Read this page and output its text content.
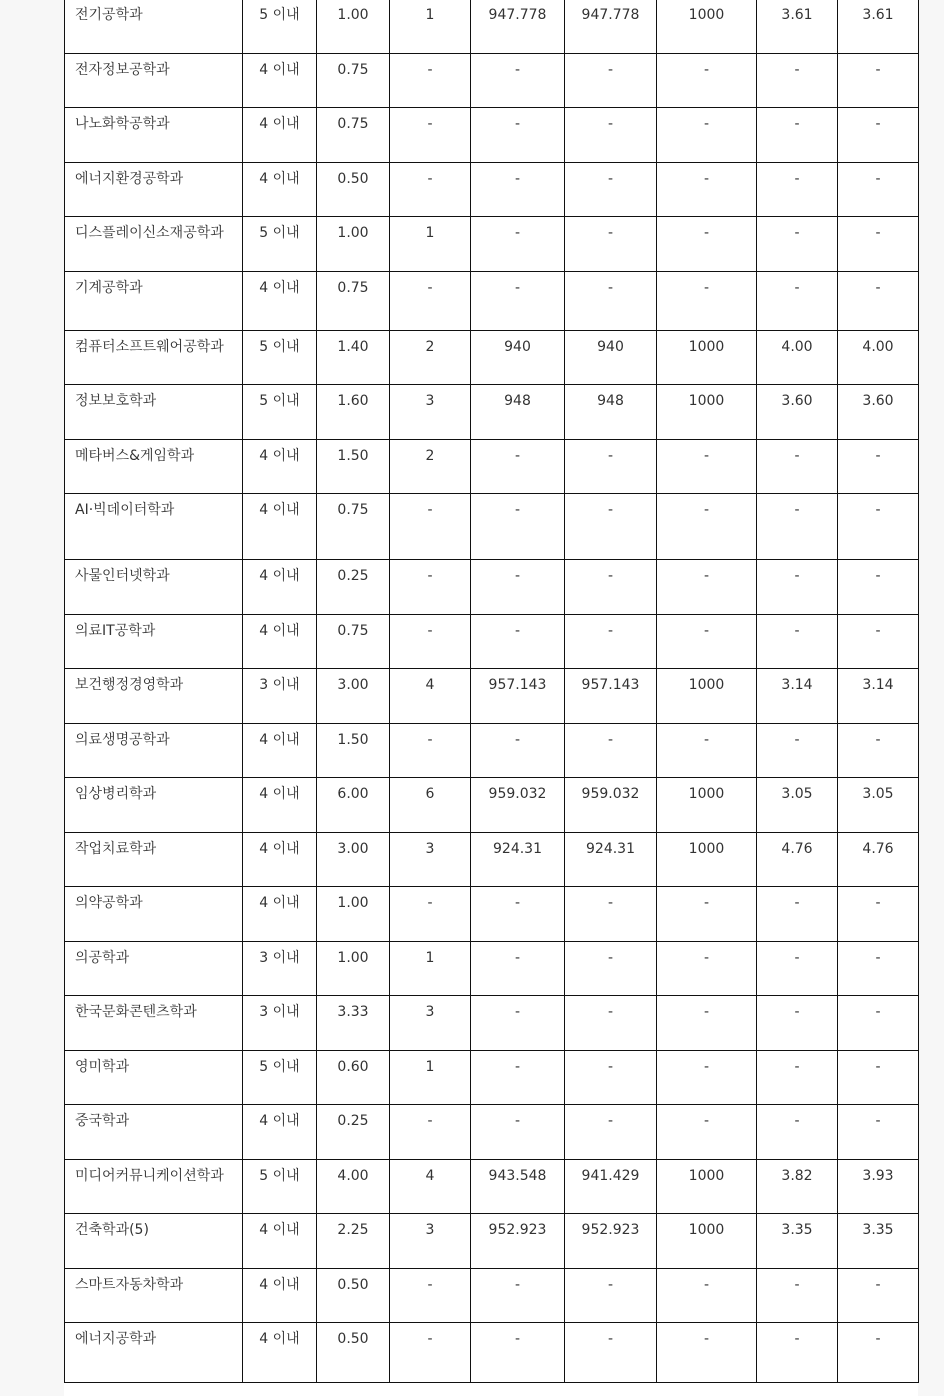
전기공학과	5 이내	1.00	1	947.778	947.778	1000	3.61	3.61
전자정보공학과	4 이내	0.75	-	-	-	-	-	-
나노화학공학과	4 이내	0.75	-	-	-	-	-	-
에너지환경공학과	4 이내	0.50	-	-	-	-	-	-
디스플레이신소재공학과	5 이내	1.00	1	-	-	-	-	-
기계공학과	4 이내	0.75	-	-	-	-	-	-
컴퓨터소프트웨어공학과	5 이내	1.40	2	940	940	1000	4.00	4.00
정보보호학과	5 이내	1.60	3	948	948	1000	3.60	3.60
메타버스&게임학과	4 이내	1.50	2	-	-	-	-	-
AI·빅데이터학과	4 이내	0.75	-	-	-	-	-	-
사물인터넷학과	4 이내	0.25	-	-	-	-	-	-
의료IT공학과	4 이내	0.75	-	-	-	-	-	-
보건행정경영학과	3 이내	3.00	4	957.143	957.143	1000	3.14	3.14
의료생명공학과	4 이내	1.50	-	-	-	-	-	-
임상병리학과	4 이내	6.00	6	959.032	959.032	1000	3.05	3.05
작업치료학과	4 이내	3.00	3	924.31	924.31	1000	4.76	4.76
의약공학과	4 이내	1.00	-	-	-	-	-	-
의공학과	3 이내	1.00	1	-	-	-	-	-
한국문화콘텐츠학과	3 이내	3.33	3	-	-	-	-	-
영미학과	5 이내	0.60	1	-	-	-	-	-
중국학과	4 이내	0.25	-	-	-	-	-	-
미디어커뮤니케이션학과	5 이내	4.00	4	943.548	941.429	1000	3.82	3.93
건축학과(5)	4 이내	2.25	3	952.923	952.923	1000	3.35	3.35
스마트자동차학과	4 이내	0.50	-	-	-	-	-	-
에너지공학과	4 이내	0.50	-	-	-	-	-	-
